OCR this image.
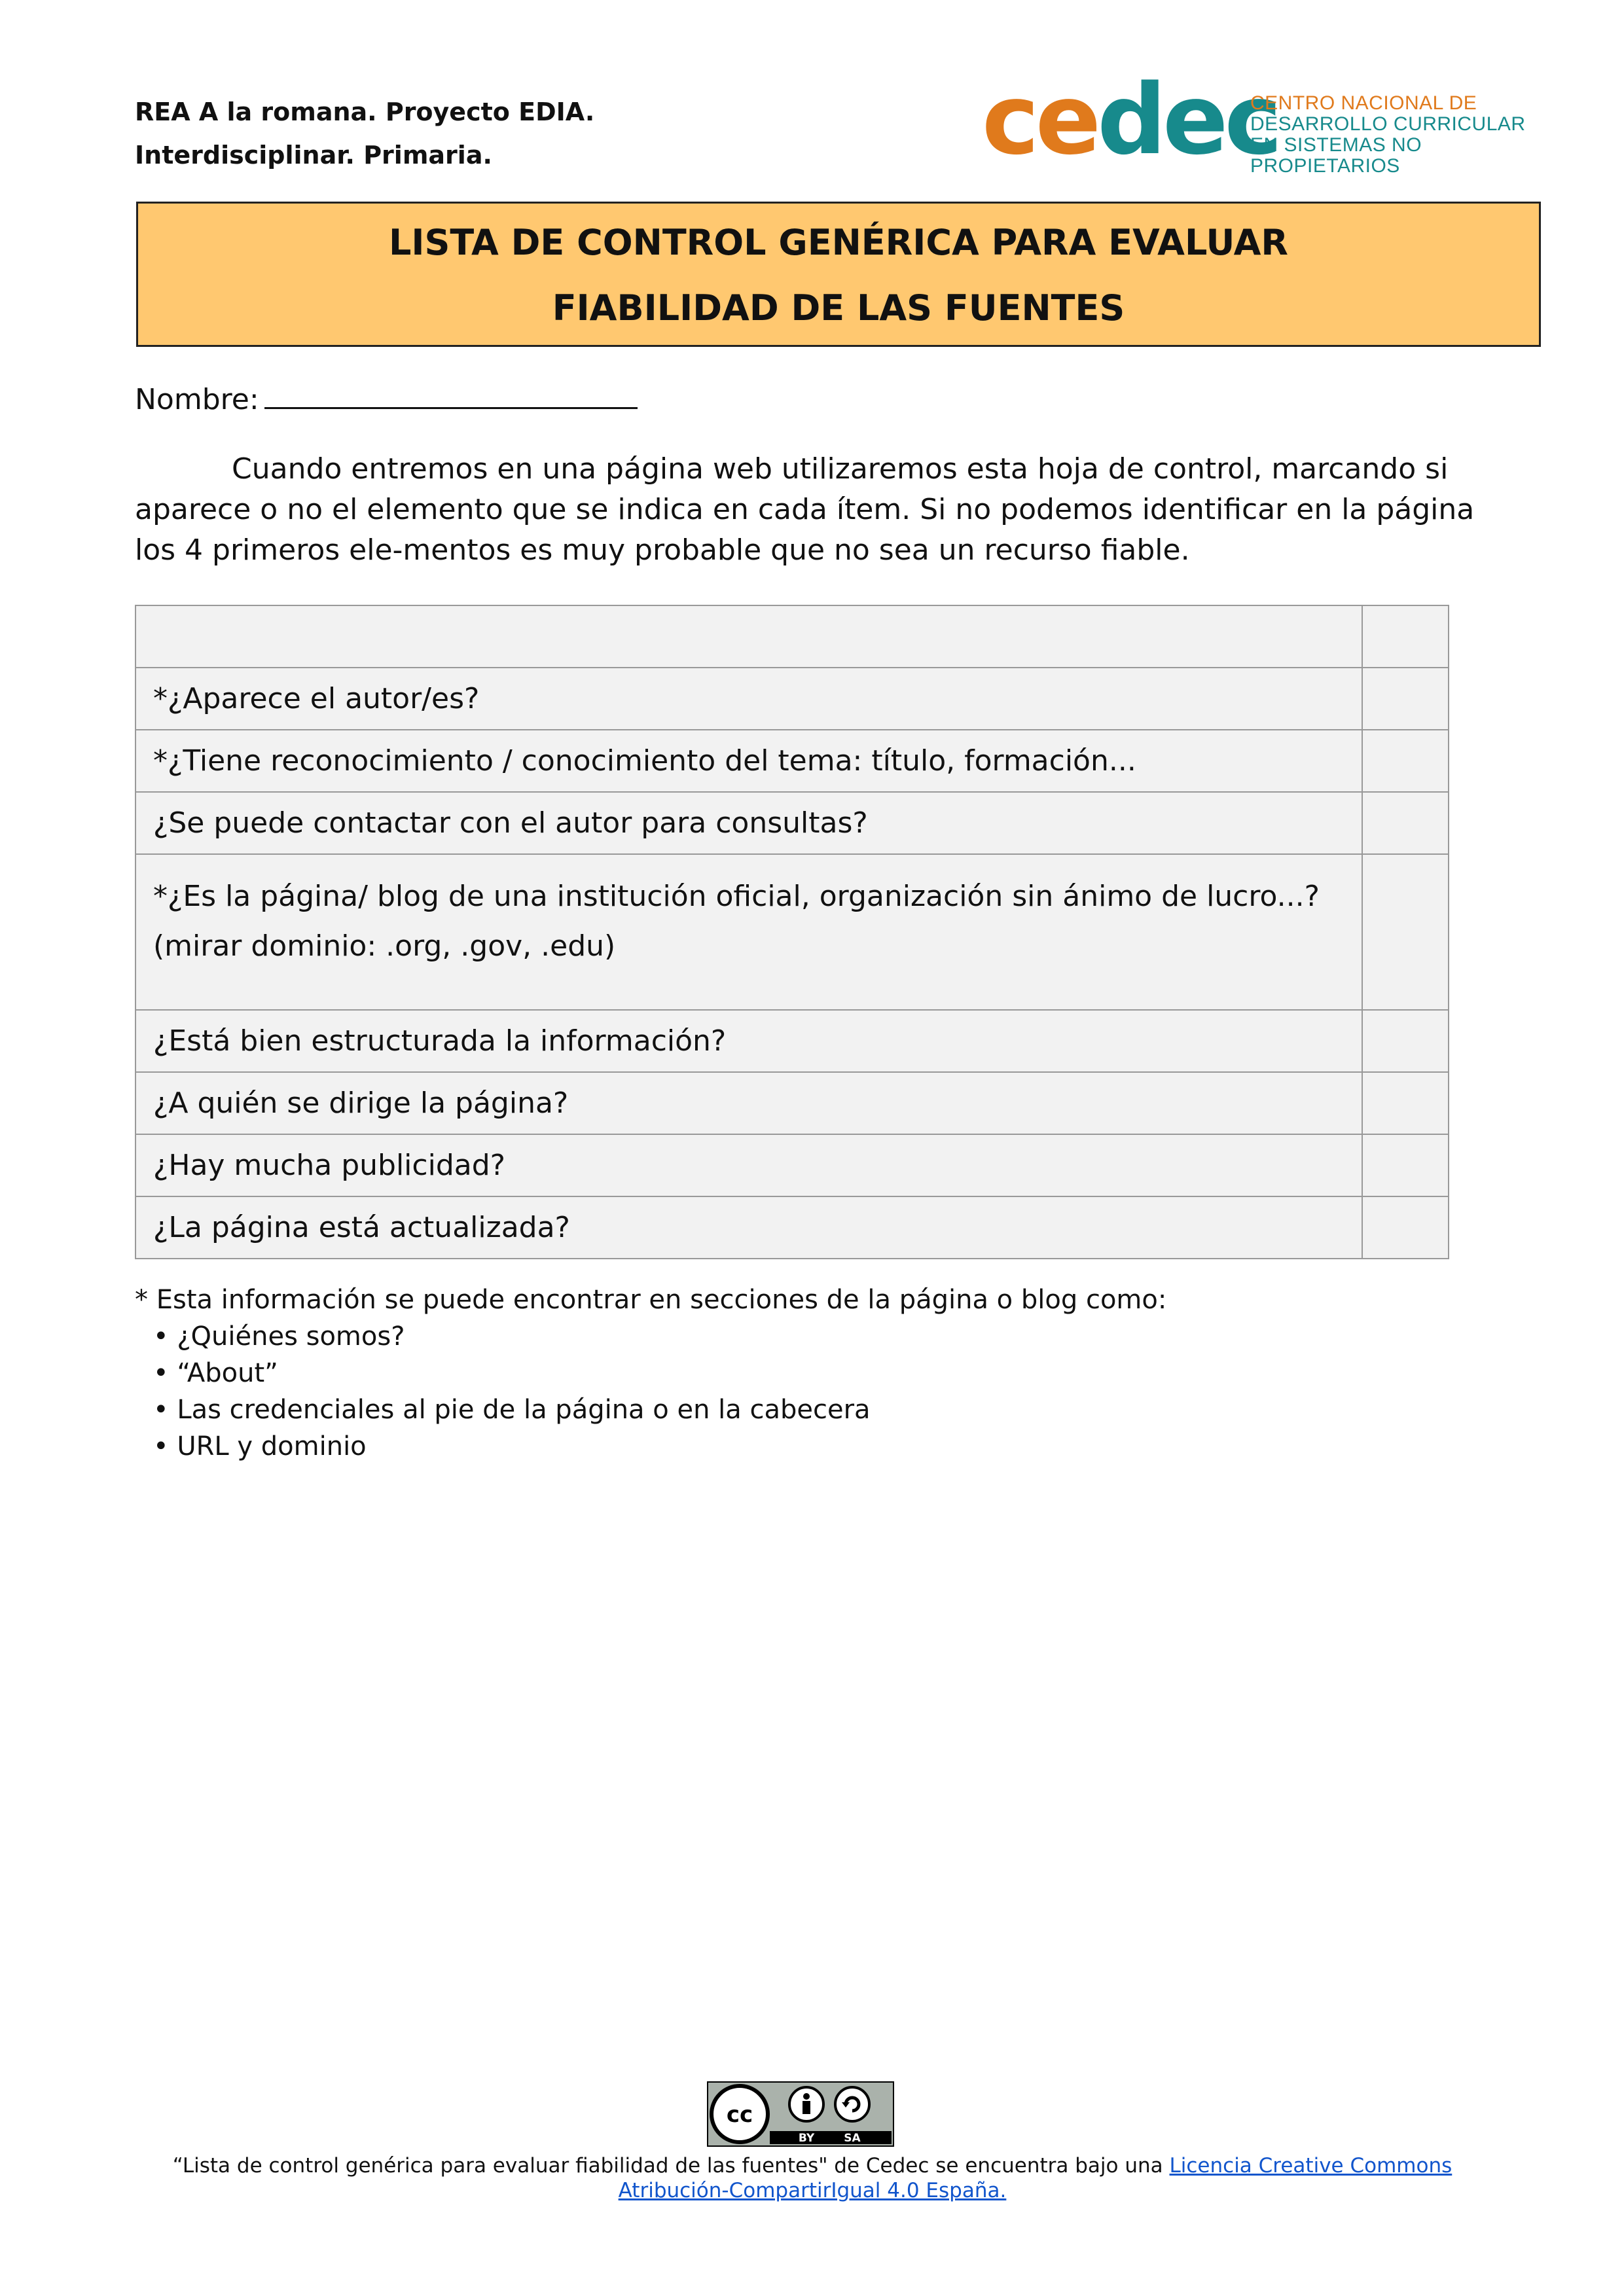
REA A la romana. Proyecto EDIA.
Interdisciplinar. Primaria.	cedec
CENTRO NACIONAL DE
DESARROLLO CURRICULAR
EN SISTEMAS NO PROPIETARIOS
LISTA DE CONTROL GENÉRICA PARA EVALUAR
FIABILIDAD DE LAS FUENTES
Nombre:
Cuando entremos en una página web utilizaremos esta hoja de control, marcando si aparece o no el elemento que se indica en cada ítem. Si no podemos identificar en la página los 4 primeros ele-mentos es muy probable que no sea un recurso fiable.

*¿Aparece el autor/es?	
*¿Tiene reconocimiento / conocimiento del tema: título, formación...	
¿Se puede contactar con el autor para consultas?	

*¿Es la página/ blog de una institución oficial, organización sin ánimo de lucro...?
(mirar dominio: .org, .gov, .edu)	

¿Está bien estructurada la información?	
¿A quién se dirige la página?	
¿Hay mucha publicidad?	
¿La página está actualizada?	
* Esta información se puede encontrar en secciones de la página o blog como:
• ¿Quiénes somos?
• “About”
• Las credenciales al pie de la página o en la cabecera
• URL y dominio
cc
BY	SA
“Lista de control genérica para evaluar fiabilidad de las fuentes" de Cedec se encuentra bajo una Licencia Creative Commons Atribución-CompartirIgual 4.0 España.
